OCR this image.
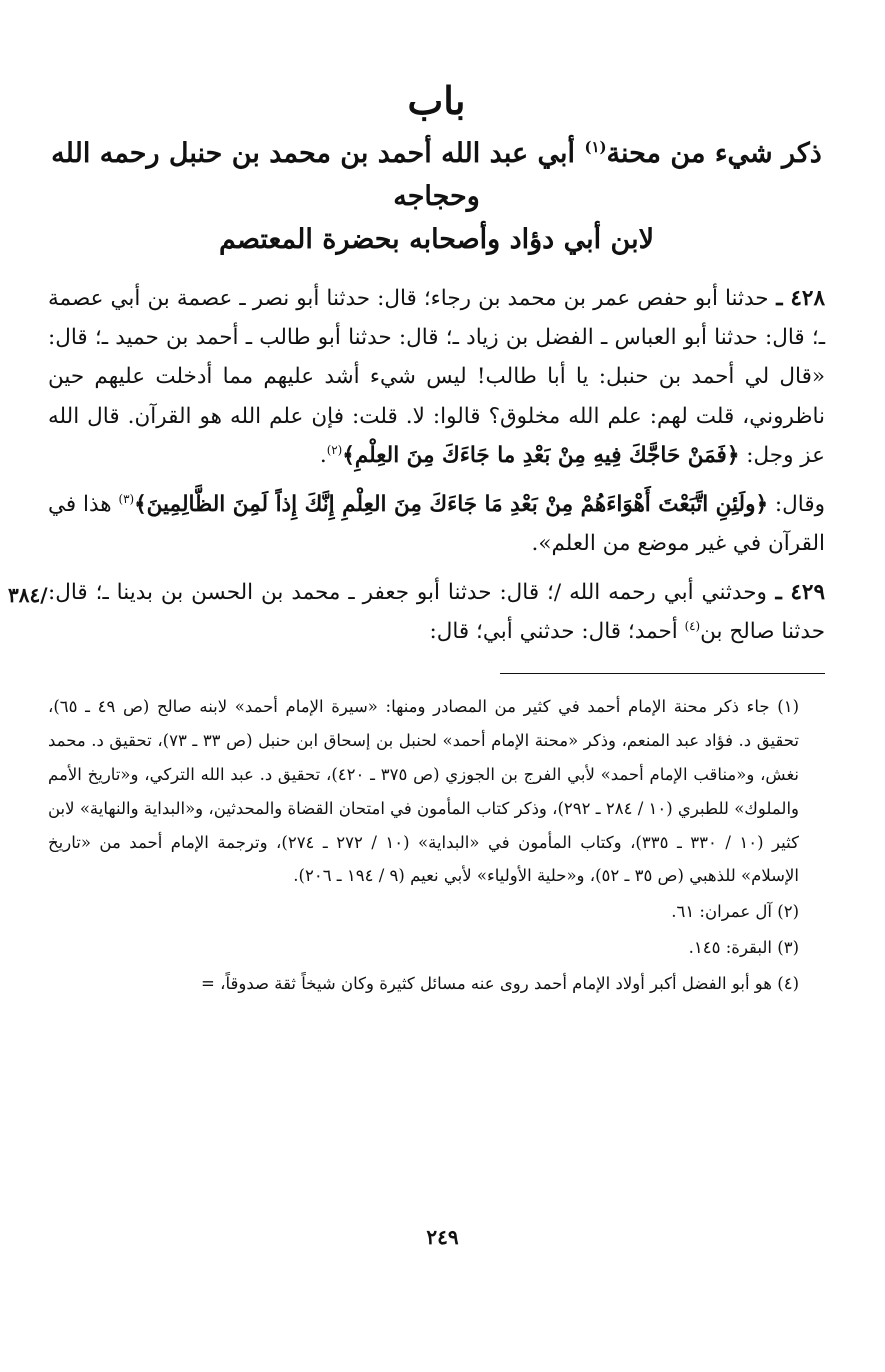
باب
ذكر شيء من محنة$^{(١)}$ أبي عبد الله أحمد بن محمد بن حنبل رحمه الله وحجاجه
لابن أبي دؤاد وأصحابه بحضرة المعتصم

٤٢٨ ـ حدثنا أبو حفص عمر بن محمد بن رجاء؛ قال: حدثنا أبو نصر ـ عصمة بن أبي عصمة ـ؛ قال: حدثنا أبو العباس ـ الفضل بن زياد ـ؛ قال: حدثنا أبو طالب ـ أحمد بن حميد ـ؛ قال: «قال لي أحمد بن حنبل: يا أبا طالب! ليس شيء أشد عليهم مما أدخلت عليهم حين ناظروني، قلت لهم: علم الله مخلوق؟ قالوا: لا. قلت: فإن علم الله هو القرآن. قال الله عز وجل: ﴿فَمَنْ حَاجَّكَ فِيهِ مِنْ بَعْدِ ما جَاءَكَ مِنَ العِلْمِ﴾$^{(٢)}$.

وقال: ﴿ولَئِنِ اتَّبَعْتَ أَهْوَاءَهُمْ مِنْ بَعْدِ مَا جَاءَكَ مِنَ العِلْمِ إِنَّكَ إِذاً لَمِنَ الظَّالِمِينَ﴾$^{(٣)}$ هذا في القرآن في غير موضع من العلم».

/٣٨٤	٤٢٩ ـ وحدثني أبي رحمه الله /؛ قال: حدثنا أبو جعفر ـ محمد بن الحسن بن بدينا ـ؛ قال: حدثنا صالح بن$^{(٤)}$ أحمد؛ قال: حدثني أبي؛ قال:

(١) جاء ذكر محنة الإمام أحمد في كثير من المصادر ومنها: «سيرة الإمام أحمد» لابنه صالح (ص ٤٩ ـ ٦٥)، تحقيق د. فؤاد عبد المنعم، وذكر «محنة الإمام أحمد» لحنبل بن إسحاق ابن حنبل (ص ٣٣ ـ ٧٣)، تحقيق د. محمد نغش، و«مناقب الإمام أحمد» لأبي الفرج بن الجوزي (ص ٣٧٥ ـ ٤٢٠)، تحقيق د. عبد الله التركي، و«تاريخ الأمم والملوك» للطبري (١٠ / ٢٨٤ ـ ٢٩٢)، وذكر كتاب المأمون في امتحان القضاة والمحدثين، و«البداية والنهاية» لابن كثير (١٠ / ٣٣٠ ـ ٣٣٥)، وكتاب المأمون في «البداية» (١٠ / ٢٧٢ ـ ٢٧٤)، وترجمة الإمام أحمد من «تاريخ الإسلام» للذهبي (ص ٣٥ ـ ٥٢)، و«حلية الأولياء» لأبي نعيم (٩ / ١٩٤ ـ ٢٠٦).

(٢) آل عمران: ٦١.

(٣) البقرة: ١٤٥.

(٤) هو أبو الفضل أكبر أولاد الإمام أحمد روى عنه مسائل كثيرة وكان شيخاً ثقة صدوقاً، =

٢٤٩
